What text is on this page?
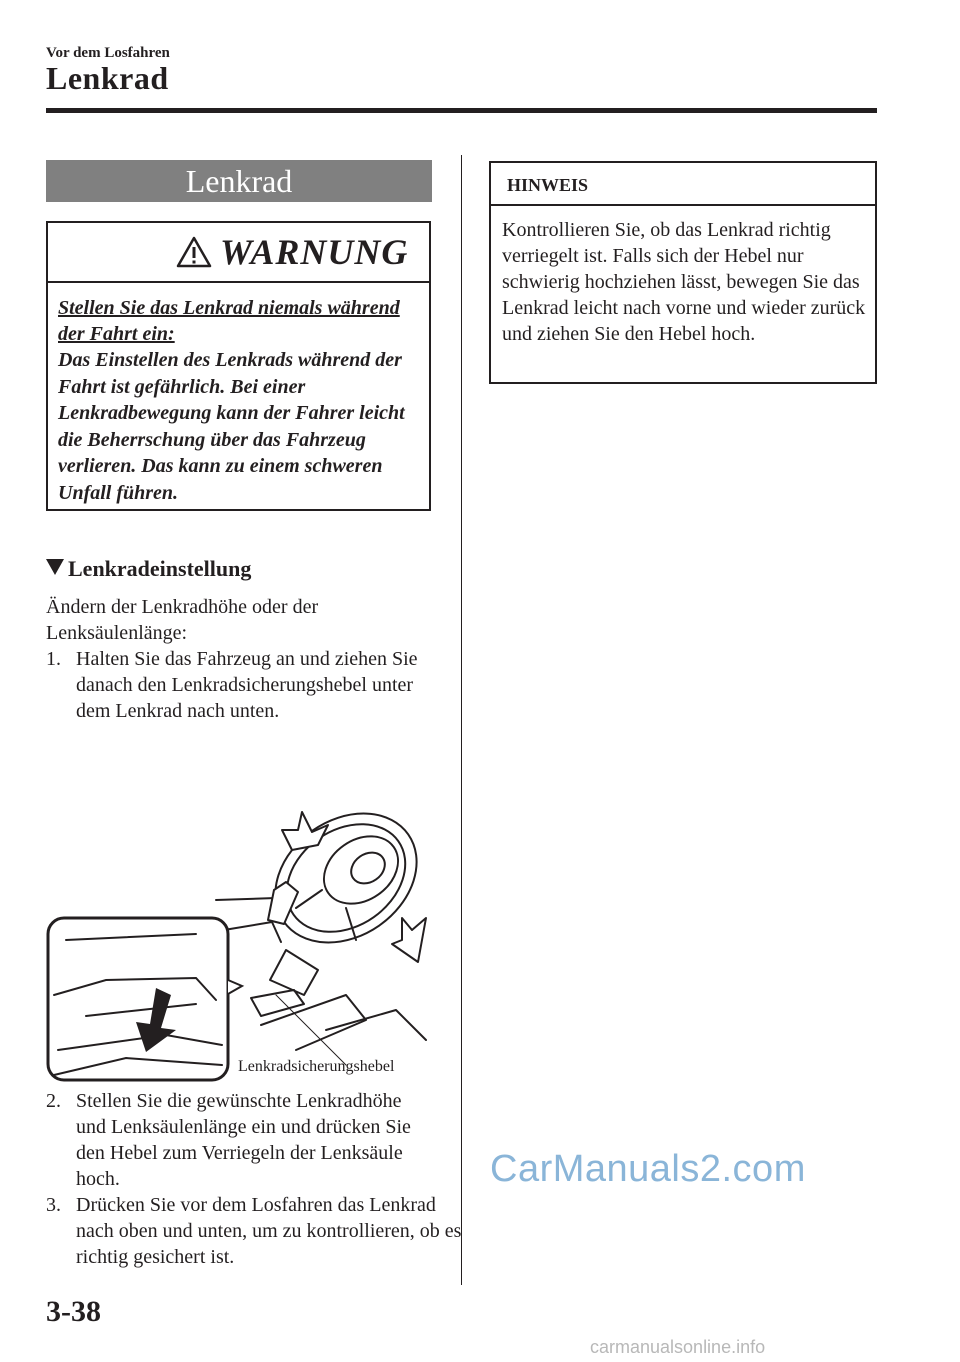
Vor dem Losfahren
Lenkrad
Lenkrad
WARNUNG
Stellen Sie das Lenkrad niemals während der Fahrt ein:
Das Einstellen des Lenkrads während der Fahrt ist gefährlich. Bei einer Lenkradbewegung kann der Fahrer leicht die Beherrschung über das Fahrzeug verlieren. Das kann zu einem schweren Unfall führen.
Lenkradeinstellung
Ändern der Lenkradhöhe oder der Lenksäulenlänge:
1. Halten Sie das Fahrzeug an und ziehen Sie danach den Lenkradsicherungshebel unter dem Lenkrad nach unten.
Lenkradsicherungshebel
2. Stellen Sie die gewünschte Lenkradhöhe und Lenksäulenlänge ein und drücken Sie den Hebel zum Verriegeln der Lenksäule hoch.
3. Drücken Sie vor dem Losfahren das Lenkrad nach oben und unten, um zu kontrollieren, ob es richtig gesichert ist.
HINWEIS
Kontrollieren Sie, ob das Lenkrad richtig verriegelt ist. Falls sich der Hebel nur schwierig hochziehen lässt, bewegen Sie das Lenkrad leicht nach vorne und wieder zurück und ziehen Sie den Hebel hoch.
CarManuals2.com
3-38
carmanualsonline.info
